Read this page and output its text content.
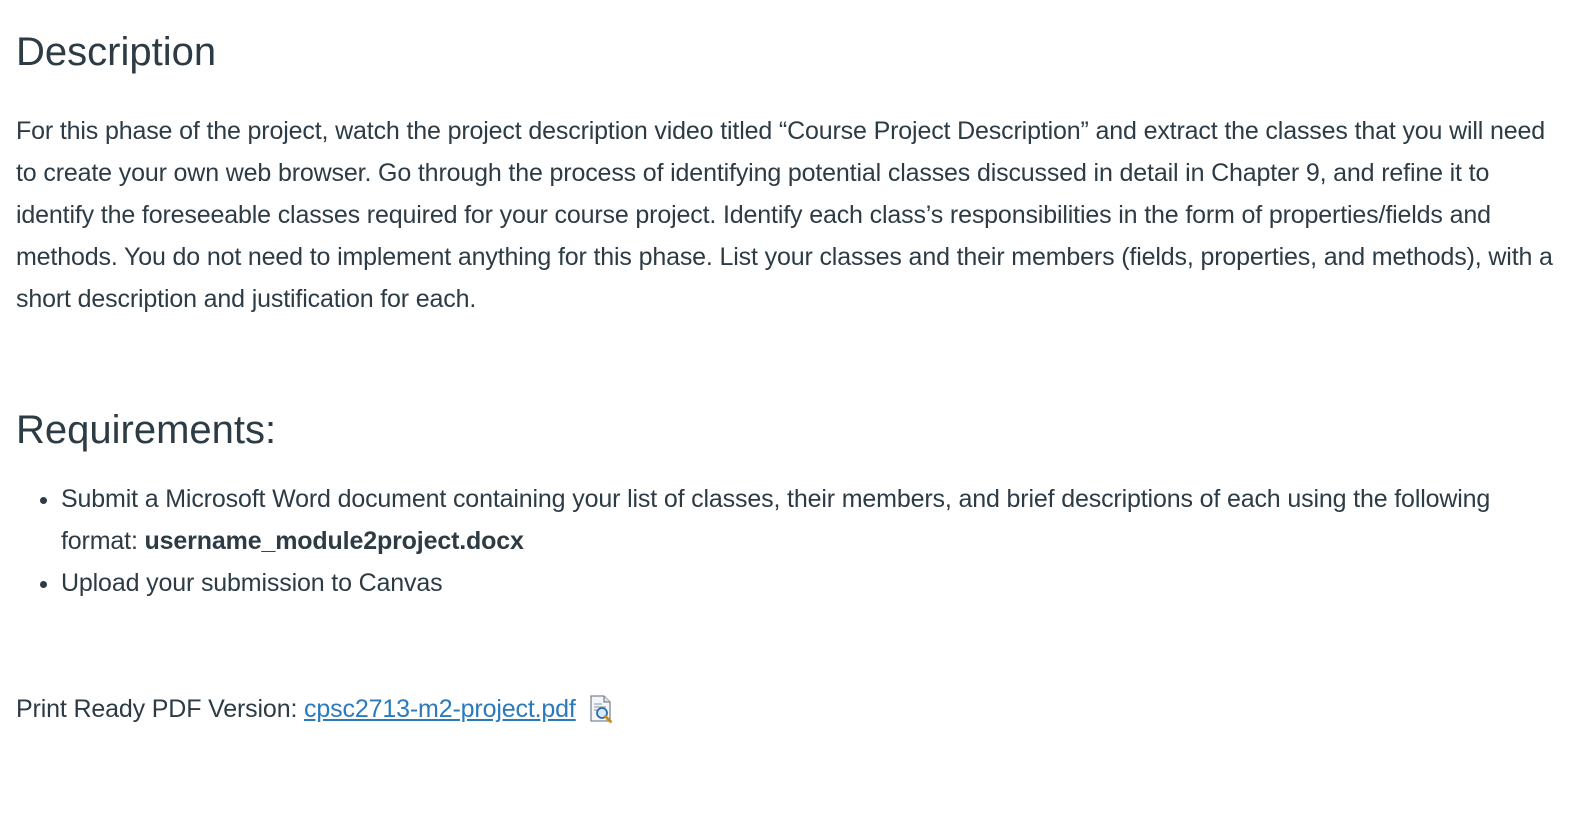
Description

For this phase of the project, watch the project description video titled “Course Project Description” and extract the classes that you will need to create your own web browser. Go through the process of identifying potential classes discussed in detail in Chapter 9, and refine it to identify the foreseeable classes required for your course project. Identify each class’s responsibilities in the form of properties/fields and methods. You do not need to implement anything for this phase. List your classes and their members (fields, properties, and methods), with a short description and justification for each.

Requirements:
• Submit a Microsoft Word document containing your list of classes, their members, and brief descriptions of each using the following format: username_module2project.docx
• Upload your submission to Canvas
Print Ready PDF Version: cpsc2713-m2-project.pdf
